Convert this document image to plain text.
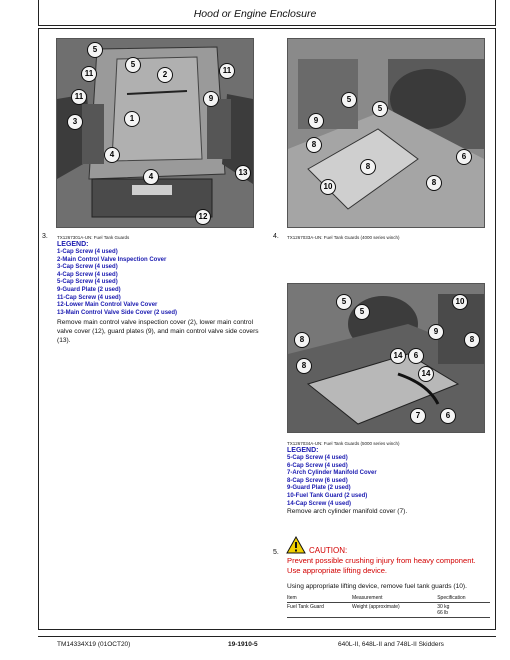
Hood or Engine Enclosure
3.
5
5
2
11	11
11	9
3	1
4
4	13
12
TX1267301A-UN: Fuel Tank Guards

LEGEND:

1-Cap Screw (4 used)

2-Main Control Valve Inspection Cover

3-Cap Screw (4 used)

4-Cap Screw (4 used)

5-Cap Screw (4 used)

9-Guard Plate (2 used)

11-Cap Screw (4 used)

12-Lower Main Control Valve Cover

13-Main Control Valve Side Cover (2 used)

Remove main control valve inspection cover (2), lower main control valve cover (12), guard plates (9), and main control valve side covers (13).
4.
5
5
9
6
8
8
8
10
TX1267033A-UN: Fuel Tank Guards (4000 series winch)
5
5
10
8
9
8
14	6
14
8
7	6
TX1267034A-UN: Fuel Tank Guards (5000 series winch)

LEGEND:

5-Cap Screw (4 used)

6-Cap Screw (4 used)

7-Arch Cylinder Manifold Cover

8-Cap Screw (6 used)

9-Guard Plate (2 used)

10-Fuel Tank Guard (2 used)

14-Cap Screw (4 used)

Remove arch cylinder manifold cover (7).
5.	CAUTION:
Prevent possible crushing injury from heavy component.
Use appropriate lifting device.
Using appropriate lifting device, remove fuel tank guards (10).
Item	Measurement	Specification
Fuel Tank Guard	Weight (approximate)	30 kg
66 lb
TM14334X19 (01OCT20)	19-1910-5	640L-II, 648L-II and 748L-II Skidders
